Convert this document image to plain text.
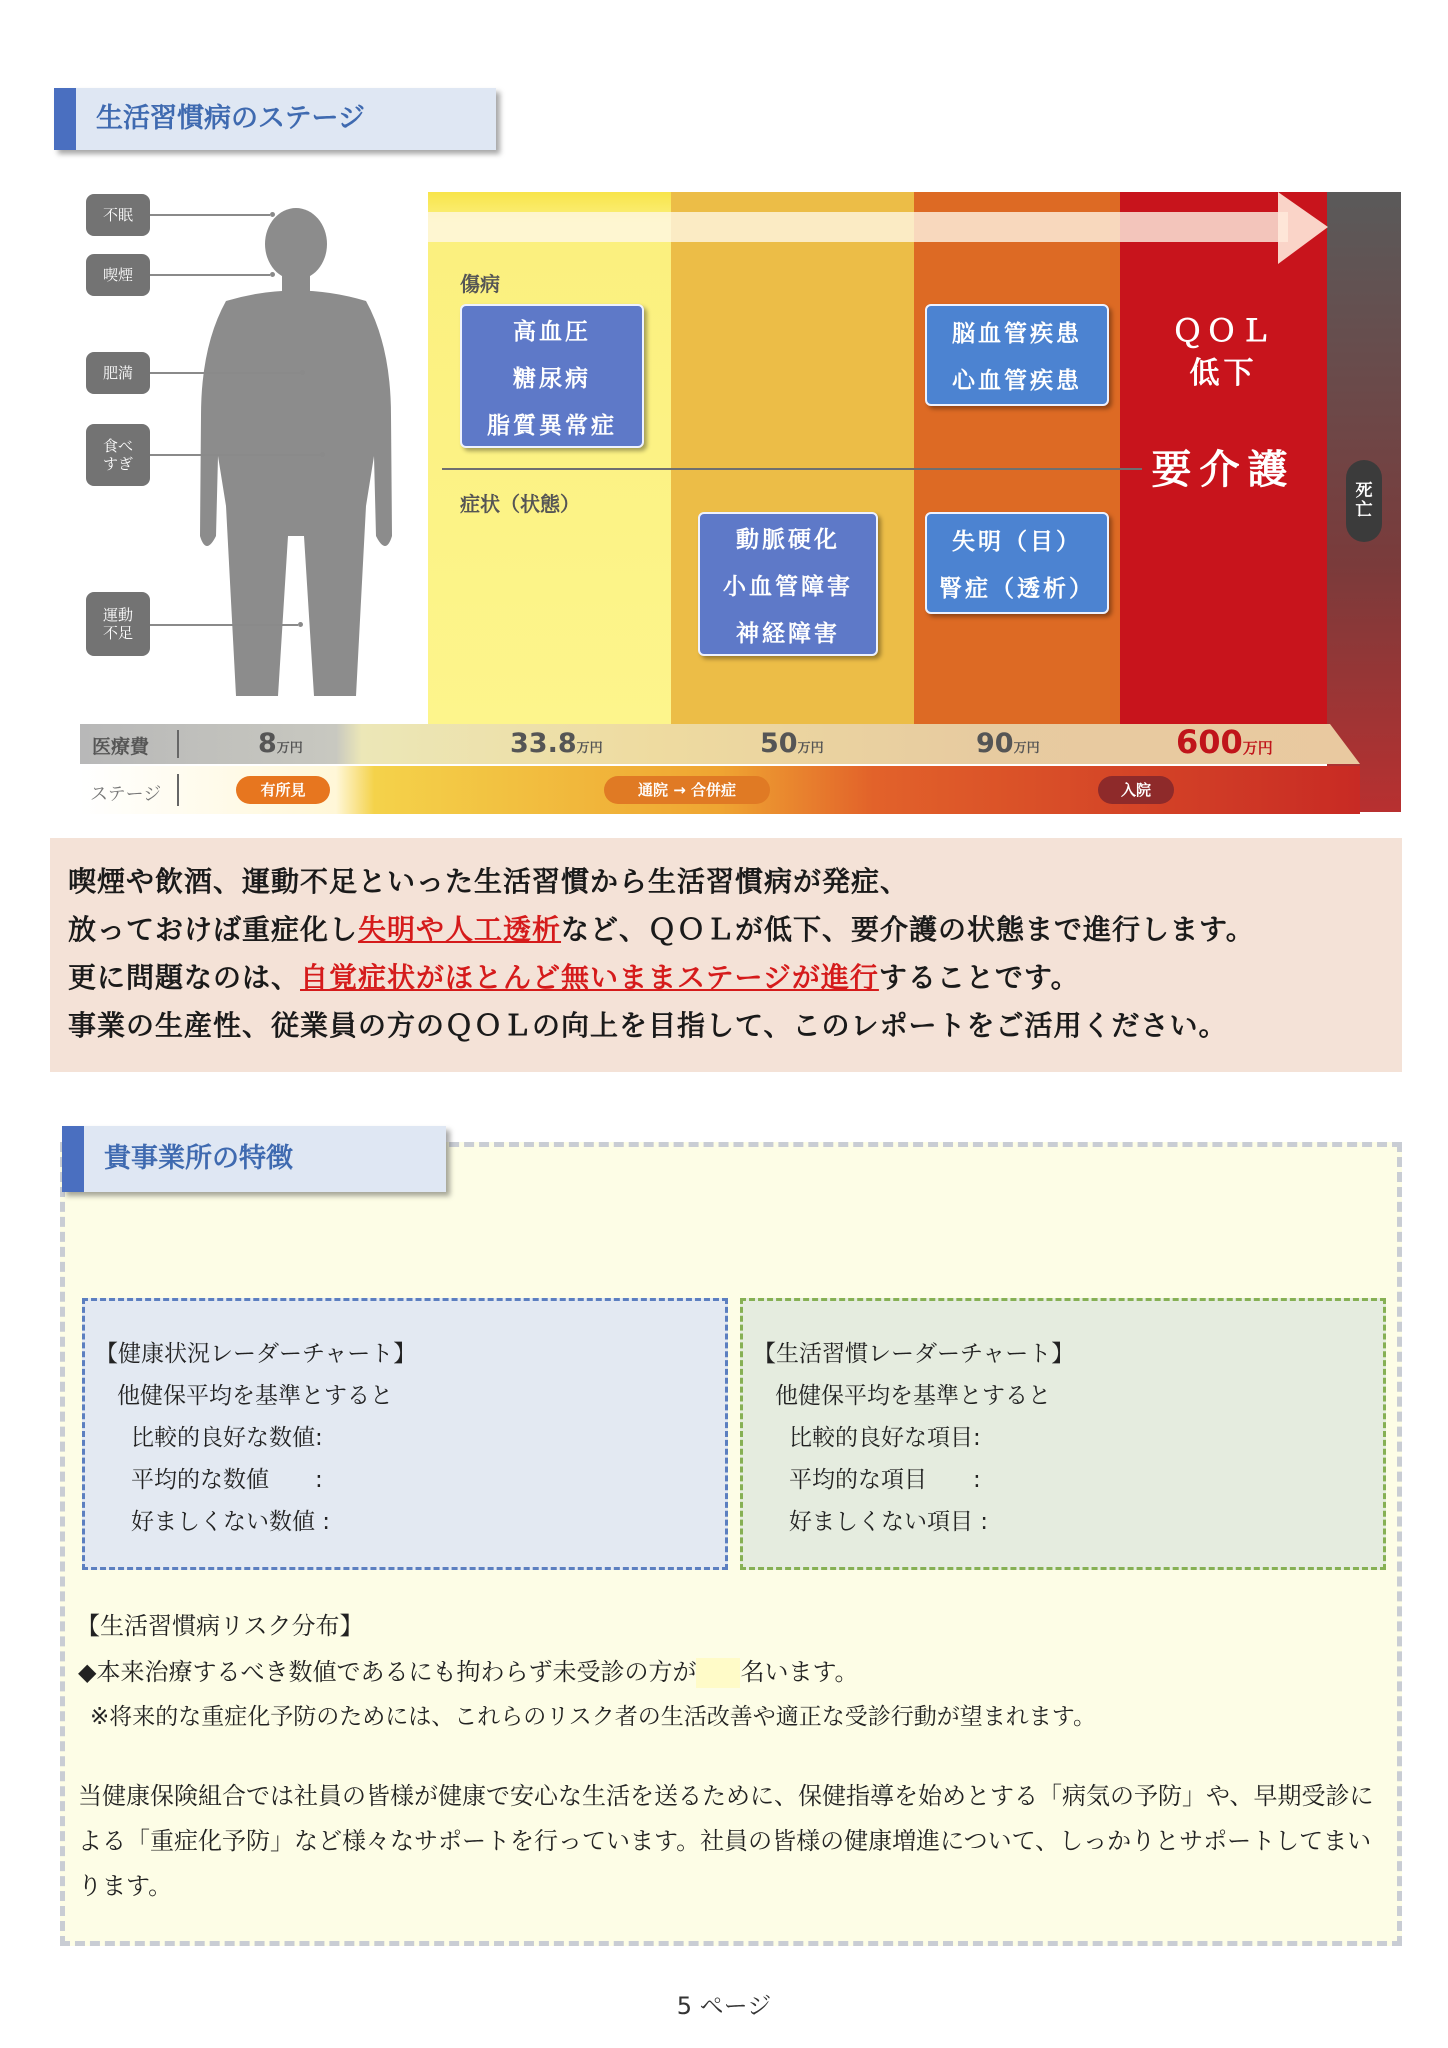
生活習慣病のステージ
不眠
喫煙
肥満
食べすぎ
運動不足
傷病
症状（状態）
高血圧
糖尿病
脂質異常症
動脈硬化
小血管障害
神経障害
脳血管疾患
心血管疾患
失明（目）
腎症（透析）
ＱＯＬ
低下
要介護	死亡
医療費
ステージ
8万円	33.8万円	50万円	90万円	600万円
有所見	通院 → 合併症	入院

喫煙や飲酒、運動不足といった生活習慣から生活習慣病が発症、

放っておけば重症化し失明や人工透析など、ＱＯＬが低下、要介護の状態まで進行します。

更に問題なのは、自覚症状がほとんど無いままステージが進行することです。

事業の生産性、従業員の方のＱＯＬの向上を目指して、このレポートをご活用ください。

貴事業所の特徴
【健康状況レーダーチャート】
他健保平均を基準とすると
比較的良好な数値:
平均的な数値　　:
好ましくない数値 :
【生活習慣レーダーチャート】
他健保平均を基準とすると
比較的良好な項目:
平均的な項目　　:
好ましくない項目 :
【生活習慣病リスク分布】
◆本来治療するべき数値であるにも拘わらず未受診の方が 名います。
※将来的な重症化予防のためには、これらのリスク者の生活改善や適正な受診行動が望まれます。
当健康保険組合では社員の皆様が健康で安心な生活を送るために、保健指導を始めとする「病気の予防」や、早期受診による「重症化予防」など様々なサポートを行っています。社員の皆様の健康増進について、しっかりとサポートしてまいります。
5 ページ
